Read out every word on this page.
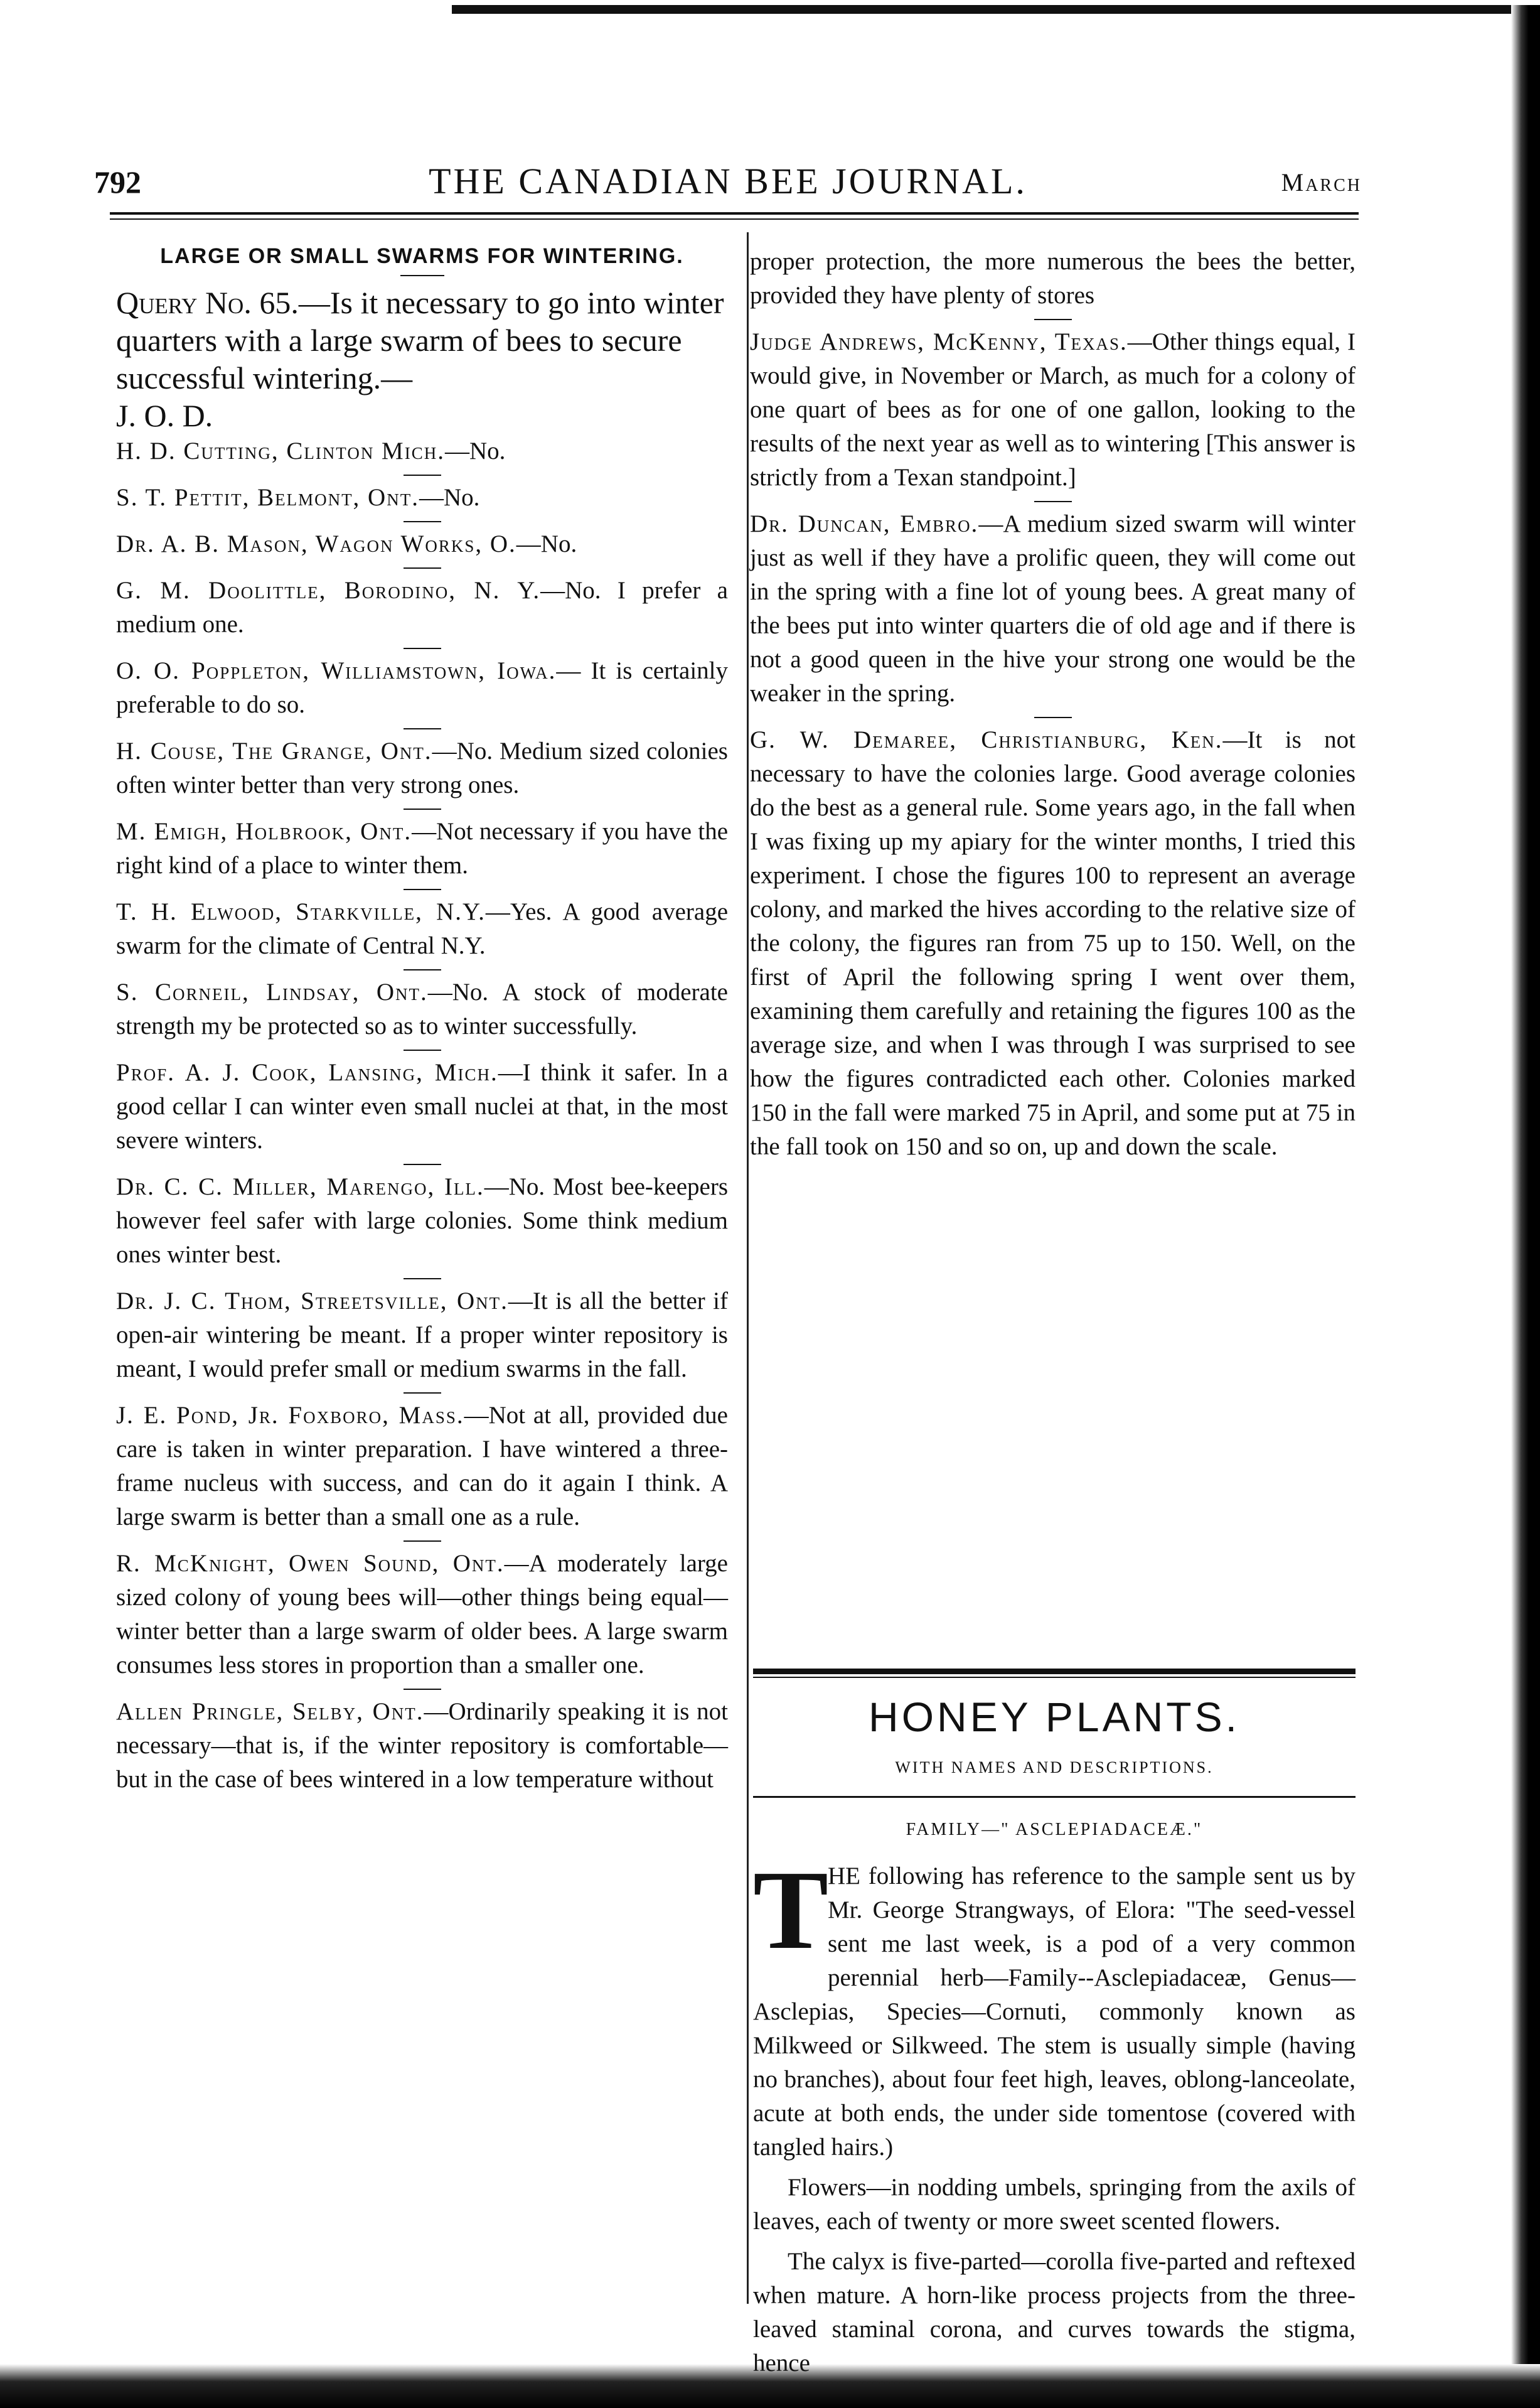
792	THE CANADIAN BEE JOURNAL.	March
LARGE OR SMALL SWARMS FOR WINTERING.
Query No. 65.—Is it necessary to go into winter quarters with a large swarm of bees to secure successful wintering.—
J. O. D.

H. D. Cutting, Clinton Mich.—No.

S. T. Pettit, Belmont, Ont.—No.

Dr. A. B. Mason, Wagon Works, O.—No.

G. M. Doolittle, Borodino, N. Y.—No. I prefer a medium one.

O. O. Poppleton, Williamstown, Iowa.— It is certainly preferable to do so.

H. Couse, The Grange, Ont.—No. Medium sized colonies often winter better than very strong ones.

M. Emigh, Holbrook, Ont.—Not necessary if you have the right kind of a place to winter them.

T. H. Elwood, Starkville, N.Y.—Yes. A good average swarm for the climate of Central N.Y.

S. Corneil, Lindsay, Ont.—No. A stock of moderate strength my be protected so as to winter successfully.

Prof. A. J. Cook, Lansing, Mich.—I think it safer. In a good cellar I can winter even small nuclei at that, in the most severe winters.

Dr. C. C. Miller, Marengo, Ill.—No. Most bee-keepers however feel safer with large colonies. Some think medium ones winter best.

Dr. J. C. Thom, Streetsville, Ont.—It is all the better if open-air wintering be meant. If a proper winter repository is meant, I would prefer small or medium swarms in the fall.

J. E. Pond, Jr. Foxboro, Mass.—Not at all, provided due care is taken in winter preparation. I have wintered a three-frame nucleus with success, and can do it again I think. A large swarm is better than a small one as a rule.

R. McKnight, Owen Sound, Ont.—A moderately large sized colony of young bees will—other things being equal—winter better than a large swarm of older bees. A large swarm consumes less stores in proportion than a smaller one.

Allen Pringle, Selby, Ont.—Ordinarily speaking it is not necessary—that is, if the winter repository is comfortable—but in the case of bees wintered in a low temperature without

proper protection, the more numerous the bees the better, provided they have plenty of stores

Judge Andrews, McKenny, Texas.—Other things equal, I would give, in November or March, as much for a colony of one quart of bees as for one of one gallon, looking to the results of the next year as well as to wintering [This answer is strictly from a Texan standpoint.]

Dr. Duncan, Embro.—A medium sized swarm will winter just as well if they have a prolific queen, they will come out in the spring with a fine lot of young bees. A great many of the bees put into winter quarters die of old age and if there is not a good queen in the hive your strong one would be the weaker in the spring.

G. W. Demaree, Christianburg, Ken.—It is not necessary to have the colonies large. Good average colonies do the best as a general rule. Some years ago, in the fall when I was fixing up my apiary for the winter months, I tried this experiment. I chose the figures 100 to represent an average colony, and marked the hives according to the relative size of the colony, the figures ran from 75 up to 150. Well, on the first of April the following spring I went over them, examining them carefully and retaining the figures 100 as the average size, and when I was through I was surprised to see how the figures contradicted each other. Colonies marked 150 in the fall were marked 75 in April, and some put at 75 in the fall took on 150 and so on, up and down the scale.

HONEY PLANTS.
WITH NAMES AND DESCRIPTIONS.
FAMILY—" ASCLEPIADACEÆ."

T
HE following has reference to the sample sent us by Mr. George Strangways, of Elora: "The seed-vessel sent me last week, is a pod of a very common perennial herb—Family--Asclepiadaceæ, Genus—Asclepias, Species—Cornuti, commonly known as Milkweed or Silkweed. The stem is usually simple (having no branches), about four feet high, leaves, oblong-lanceolate, acute at both ends, the under side tomentose (covered with tangled hairs.)

Flowers—in nodding umbels, springing from the axils of leaves, each of twenty or more sweet scented flowers.

The calyx is five-parted—corolla five-parted and reftexed when mature. A horn-like process projects from the three-leaved staminal corona, and curves towards the stigma, hence
